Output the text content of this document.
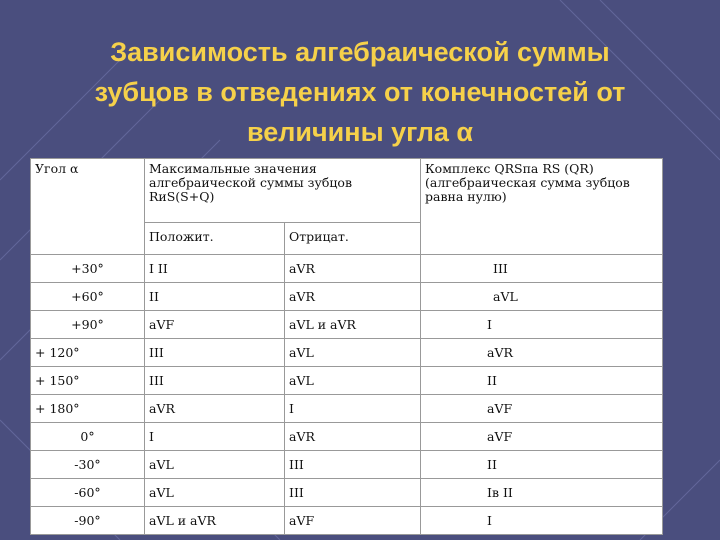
Зависимость алгебраической суммы
зубцов в отведениях от конечностей от

величины угла α
Угол α	Максимальные значения алгебраической суммы зубцов RиS(S+Q)		Комплекс QRSпа RS (QR)(алгебраическая сумма зубцов равна нулю)
	Положит.	Отрицат.	
+30°	I II	aVR	III
+60°	II	aVR	aVL
+90°	aVF	aVL и aVR	I
+ 120°	III	aVL	aVR
+ 150°	III	aVL	II
+ 180°	aVR	I	aVF
0°	I	aVR	aVF
-30°	aVL	III	II
-60°	aVL	III	Ів II
-90°	aVL и aVR	aVF	I
